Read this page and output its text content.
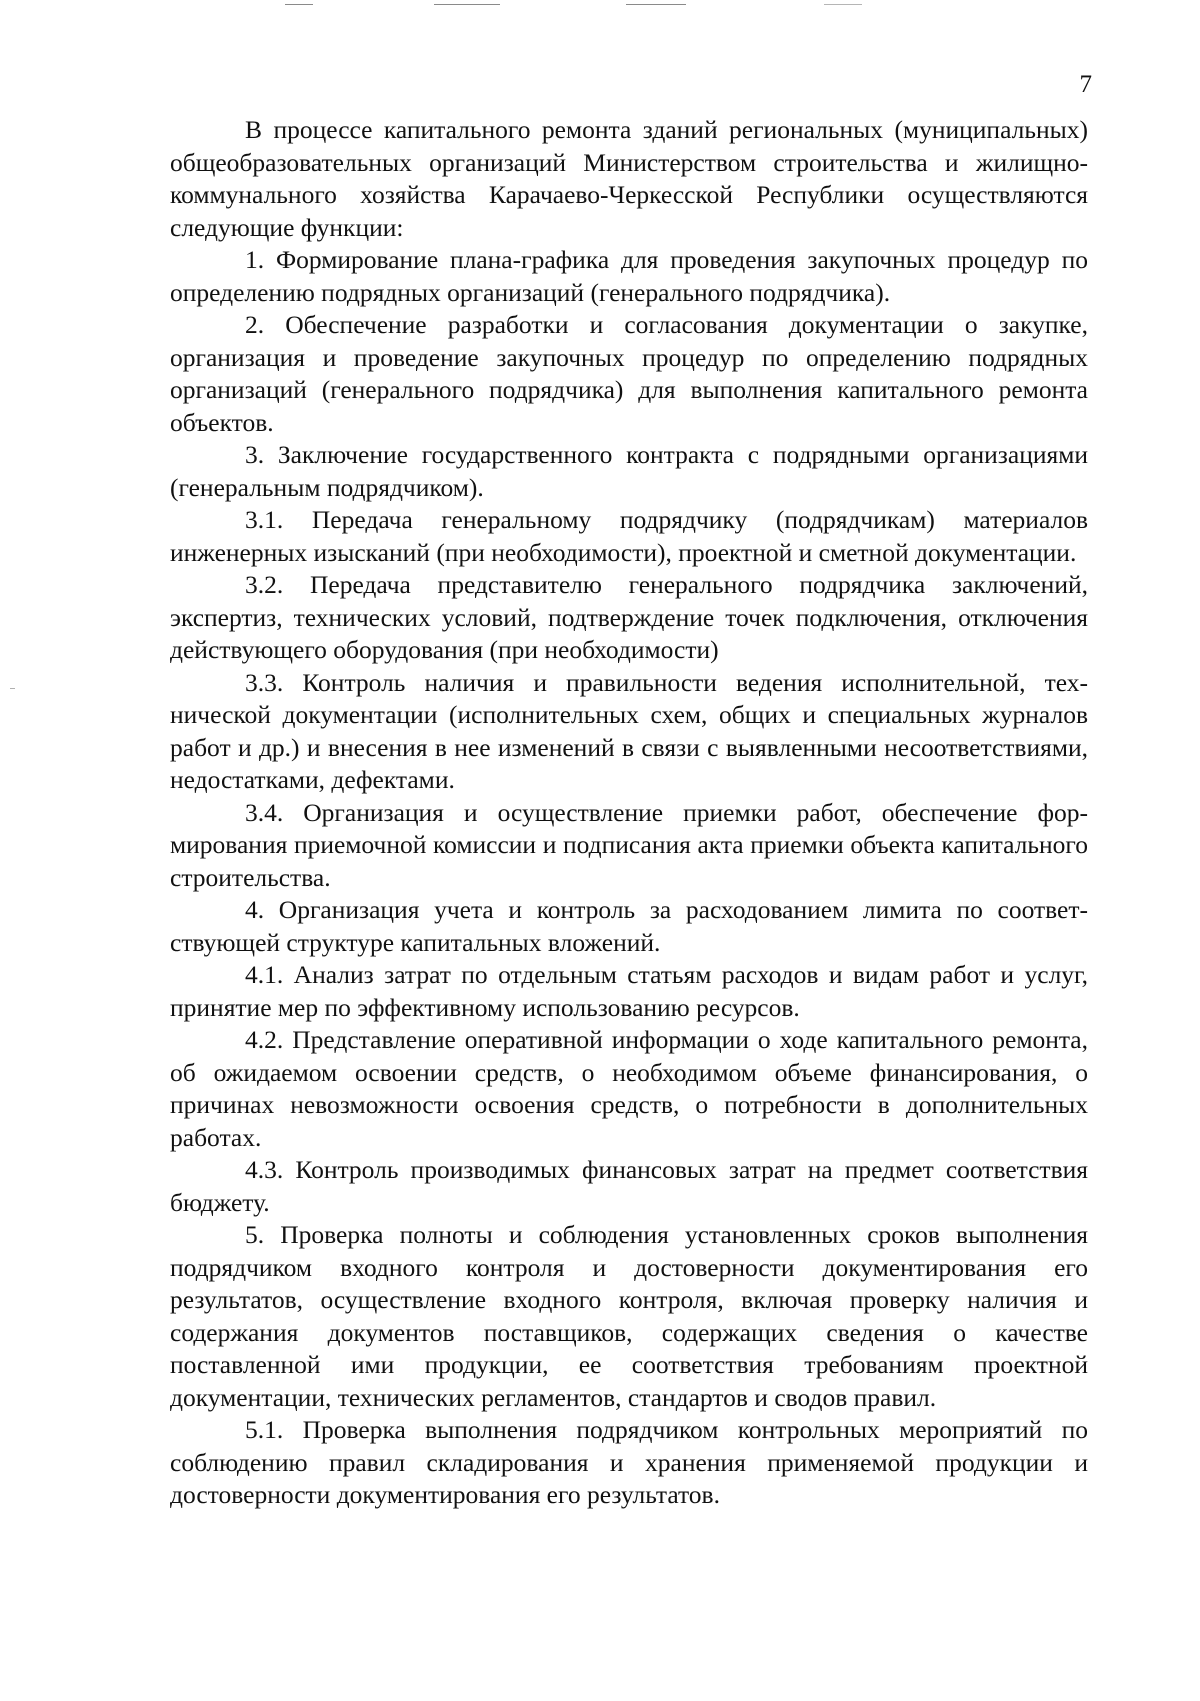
7

В процессе капитального ремонта зданий региональных (муниципальных) общеобразовательных организаций Министерством строительства и жилищно-коммунального хозяйства Карачаево-Черкесской Республики осуществляются следующие функции:

1. Формирование плана-графика для проведения закупочных процедур по определению подрядных организаций (генерального подрядчика).

2. Обеспечение разработки и согласования документации о закупке, организация и проведение закупочных процедур по определению подрядных организаций (генерального подрядчика) для выполнения капитального ремонта объектов.

3. Заключение государственного контракта с подрядными организациями (генеральным подрядчиком).

3.1. Передача генеральному подрядчику (подрядчикам) материалов инженерных изысканий (при необходимости), проектной и сметной документации.

3.2. Передача представителю генерального подрядчика заключений, экспертиз, технических условий, подтверждение точек подключения, отключения действующего оборудования (при необходимости)

3.3. Контроль наличия и правильности ведения исполнительной, технической документации (исполнительных схем, общих и специальных журналов работ и др.) и внесения в нее изменений в связи с выявленными несоответствиями, недостатками, дефектами.

3.4. Организация и осуществление приемки работ, обеспечение формирования приемочной комиссии и подписания акта приемки объекта капитального строительства.

4. Организация учета и контроль за расходованием лимита по соответствующей структуре капитальных вложений.

4.1. Анализ затрат по отдельным статьям расходов и видам работ и услуг, принятие мер по эффективному использованию ресурсов.

4.2. Представление оперативной информации о ходе капитального ремонта, об ожидаемом освоении средств, о необходимом объеме финансирования, о причинах невозможности освоения средств, о потребности в дополнительных работах.

4.3. Контроль производимых финансовых затрат на предмет соответствия бюджету.

5. Проверка полноты и соблюдения установленных сроков выполнения подрядчиком входного контроля и достоверности документирования его результатов, осуществление входного контроля, включая проверку наличия и содержания документов поставщиков, содержащих сведения о качестве поставленной ими продукции, ее соответствия требованиям проектной документации, технических регламентов, стандартов и сводов правил.

5.1. Проверка выполнения подрядчиком контрольных мероприятий по соблюдению правил складирования и хранения применяемой продукции и достоверности документирования его результатов.
